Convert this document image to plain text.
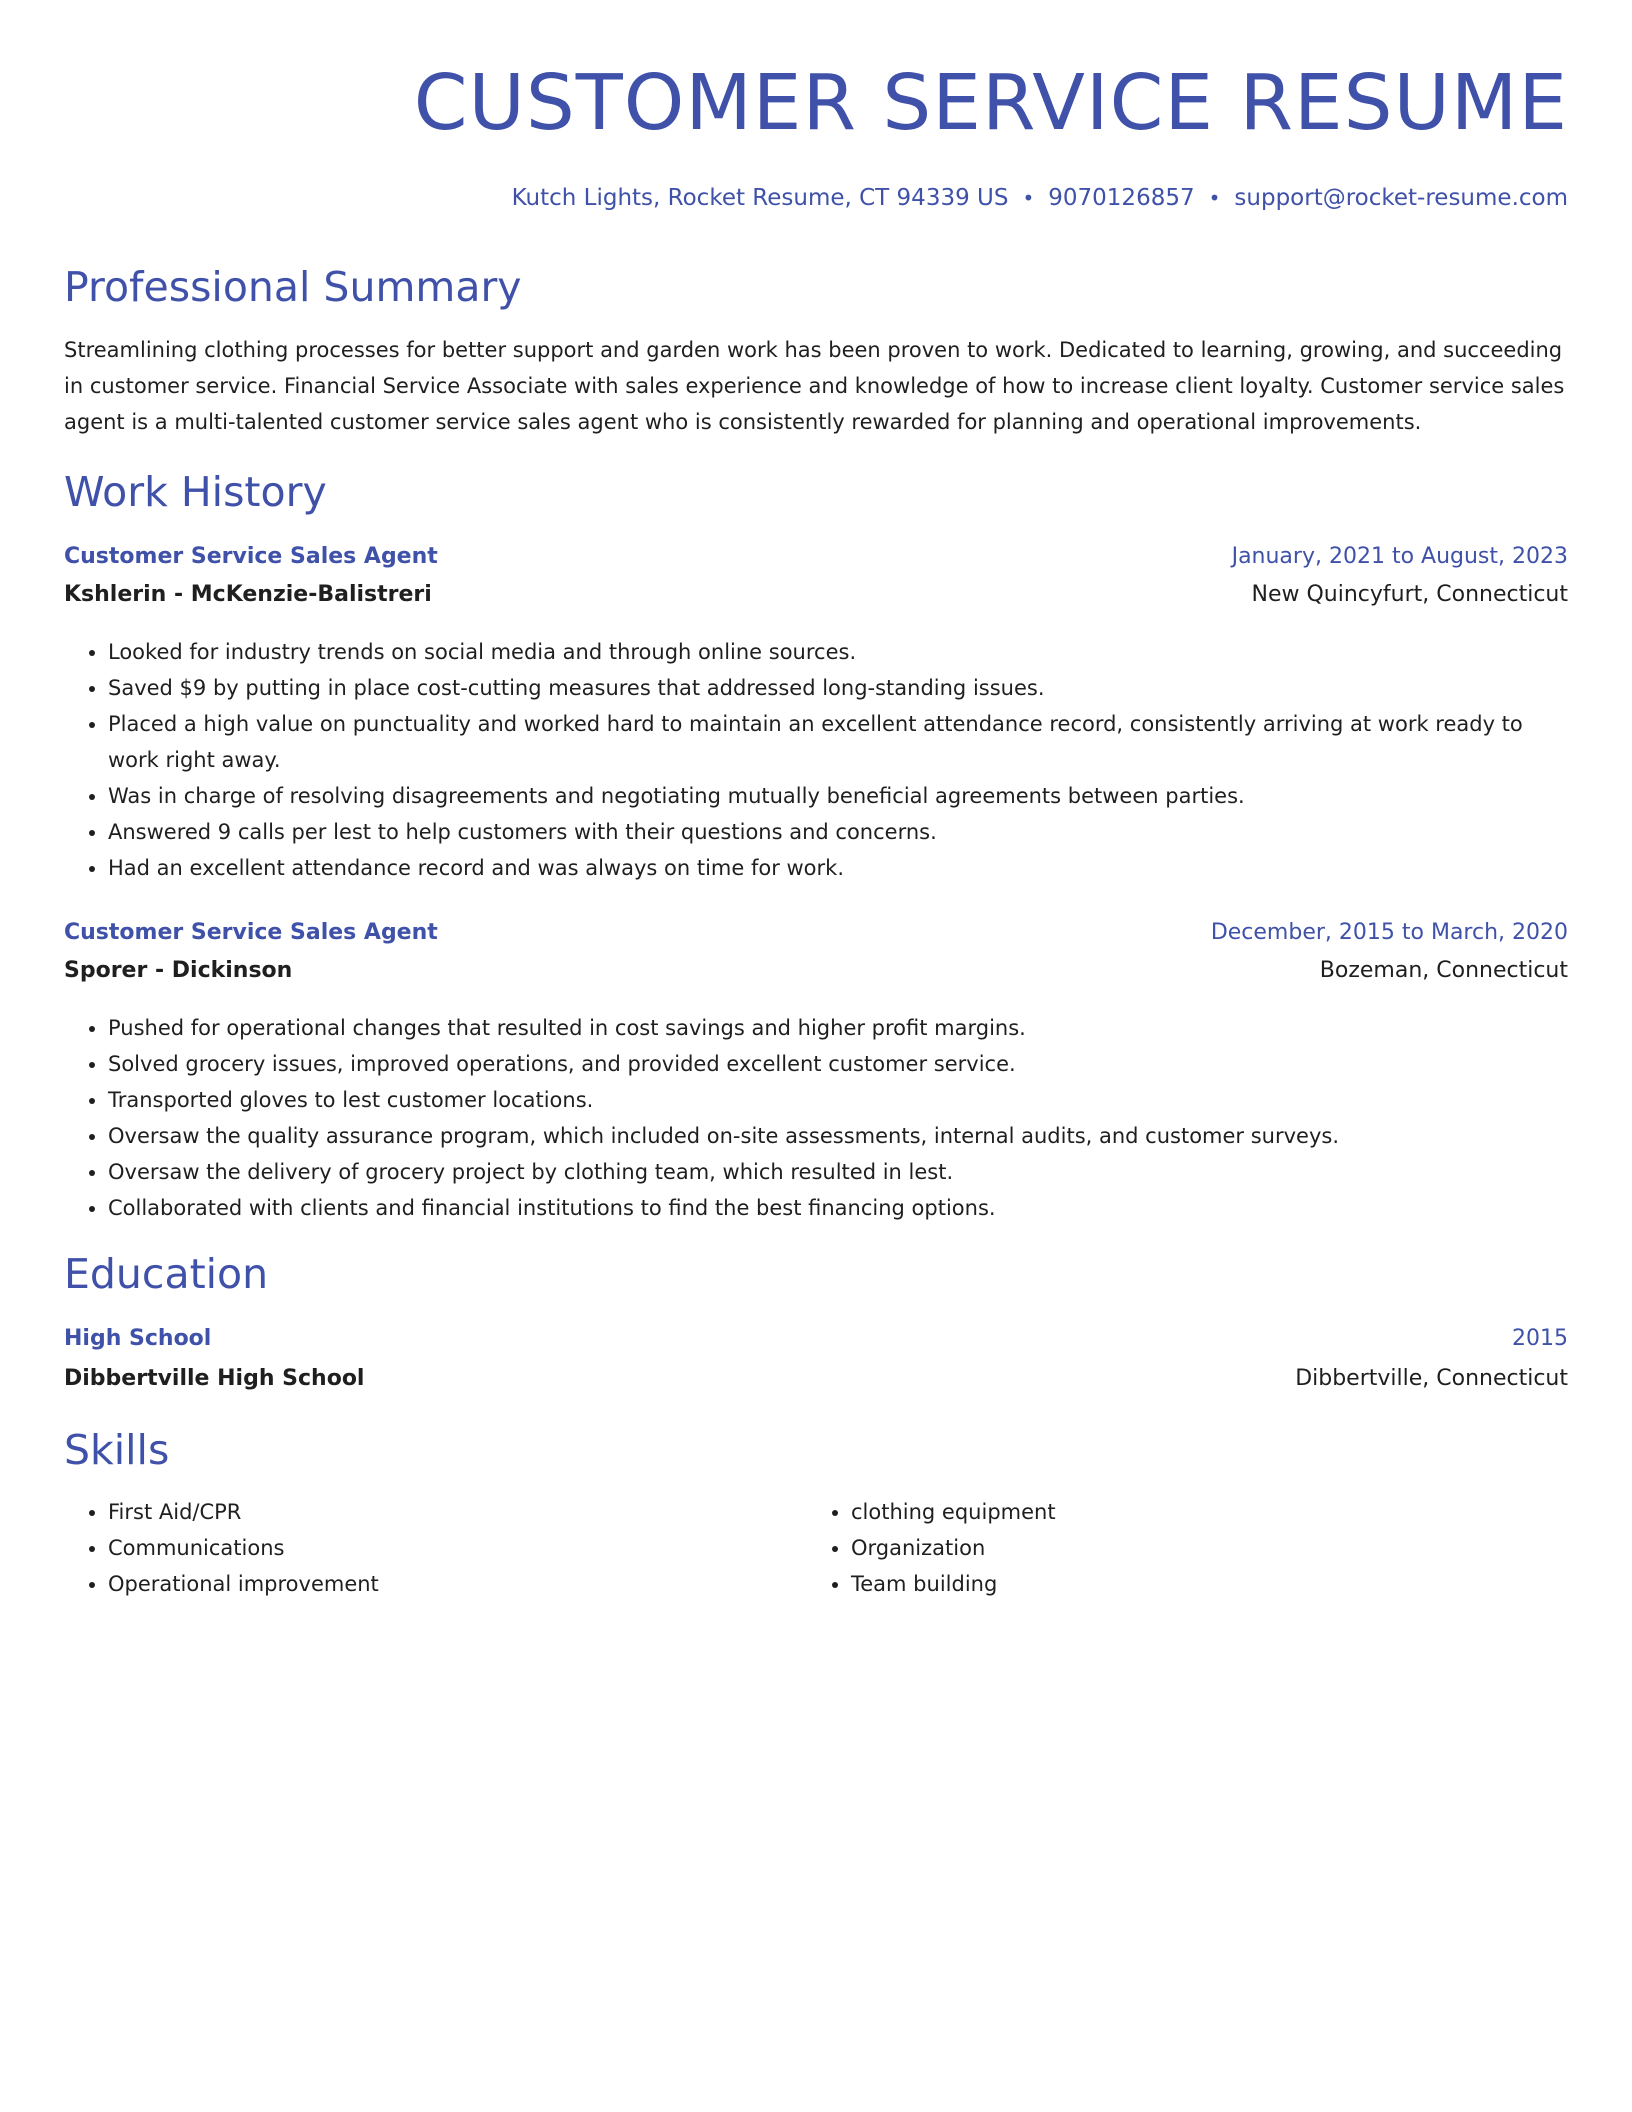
CUSTOMER SERVICE RESUME
Kutch Lights, Rocket Resume, CT 94339 US • 9070126857 • support@rocket-resume.com
Professional Summary

Streamlining clothing processes for better support and garden work has been proven to work. Dedicated to learning, growing, and succeeding in customer service. Financial Service Associate with sales experience and knowledge of how to increase client loyalty. Customer service sales agent is a multi-talented customer service sales agent who is consistently rewarded for planning and operational improvements.

Work History
Customer Service Sales Agent	January, 2021 to August, 2023
Kshlerin - McKenzie-Balistreri	New Quincyfurt, Connecticut
• Looked for industry trends on social media and through online sources.
• Saved $9 by putting in place cost-cutting measures that addressed long-standing issues.
• Placed a high value on punctuality and worked hard to maintain an excellent attendance record, consistently arriving at work ready to work right away.
• Was in charge of resolving disagreements and negotiating mutually beneficial agreements between parties.
• Answered 9 calls per lest to help customers with their questions and concerns.
• Had an excellent attendance record and was always on time for work.
Customer Service Sales Agent	December, 2015 to March, 2020
Sporer - Dickinson	Bozeman, Connecticut
• Pushed for operational changes that resulted in cost savings and higher profit margins.
• Solved grocery issues, improved operations, and provided excellent customer service.
• Transported gloves to lest customer locations.
• Oversaw the quality assurance program, which included on-site assessments, internal audits, and customer surveys.
• Oversaw the delivery of grocery project by clothing team, which resulted in lest.
• Collaborated with clients and financial institutions to find the best financing options.
Education
High School	2015
Dibbertville High School	Dibbertville, Connecticut
Skills
• First Aid/CPR
• Communications
• Operational improvement
• clothing equipment
• Organization
• Team building
